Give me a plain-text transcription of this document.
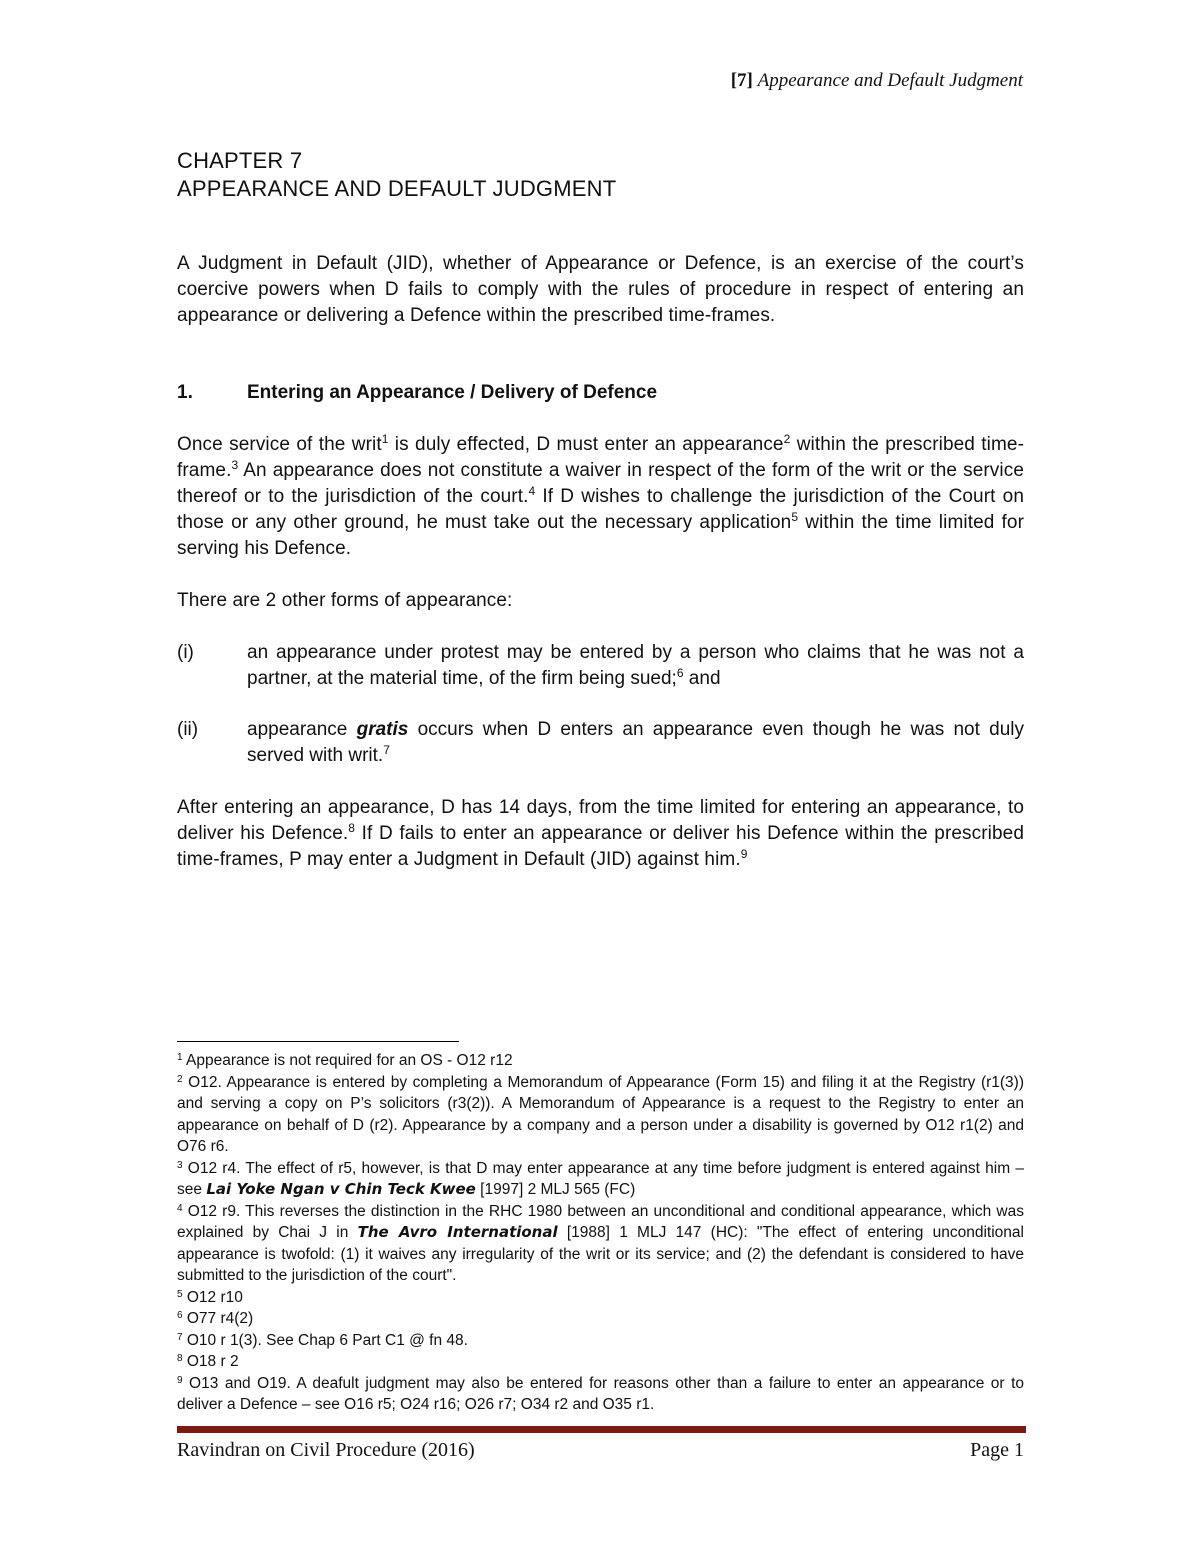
[7] Appearance and Default Judgment
CHAPTER 7
APPEARANCE AND DEFAULT JUDGMENT

A Judgment in Default (JID), whether of Appearance or Defence, is an exercise of the court’s coercive powers when D fails to comply with the rules of procedure in respect of entering an appearance or delivering a Defence within the prescribed time-frames.

1.	Entering an Appearance / Delivery of Defence

Once service of the writ$^1$ is duly effected, D must enter an appearance$^2$ within the prescribed time-frame.$^3$ An appearance does not constitute a waiver in respect of the form of the writ or the service thereof or to the jurisdiction of the court.$^4$ If D wishes to challenge the jurisdiction of the Court on those or any other ground, he must take out the necessary application$^5$ within the time limited for serving his Defence.

There are 2 other forms of appearance:

(i)	an appearance under protest may be entered by a person who claims that he was not a partner, at the material time, of the firm being sued;$^6$ and
(ii)	appearance gratis occurs when D enters an appearance even though he was not duly served with writ.$^7$

After entering an appearance, D has 14 days, from the time limited for entering an appearance, to deliver his Defence.$^8$ If D fails to enter an appearance or deliver his Defence within the prescribed time-frames, P may enter a Judgment in Default (JID) against him.$^9$

$^1$ Appearance is not required for an OS - O12 r12

$^2$ O12. Appearance is entered by completing a Memorandum of Appearance (Form 15) and filing it at the Registry (r1(3)) and serving a copy on P’s solicitors (r3(2)). A Memorandum of Appearance is a request to the Registry to enter an appearance on behalf of D (r2). Appearance by a company and a person under a disability is governed by O12 r1(2) and O76 r6.

$^3$ O12 r4. The effect of r5, however, is that D may enter appearance at any time before judgment is entered against him – see Lai Yoke Ngan v Chin Teck Kwee [1997] 2 MLJ 565 (FC)

$^4$ O12 r9. This reverses the distinction in the RHC 1980 between an unconditional and conditional appearance, which was explained by Chai J in The Avro International [1988] 1 MLJ 147 (HC): "The effect of entering unconditional appearance is twofold: (1) it waives any irregularity of the writ or its service; and (2) the defendant is considered to have submitted to the jurisdiction of the court".

$^5$ O12 r10

$^6$ O77 r4(2)

$^7$ O10 r 1(3). See Chap 6 Part C1 @ fn 48.

$^8$ O18 r 2

$^9$ O13 and O19. A deafult judgment may also be entered for reasons other than a failure to enter an appearance or to deliver a Defence – see O16 r5; O24 r16; O26 r7; O34 r2 and O35 r1.

Ravindran on Civil Procedure (2016)	Page 1
